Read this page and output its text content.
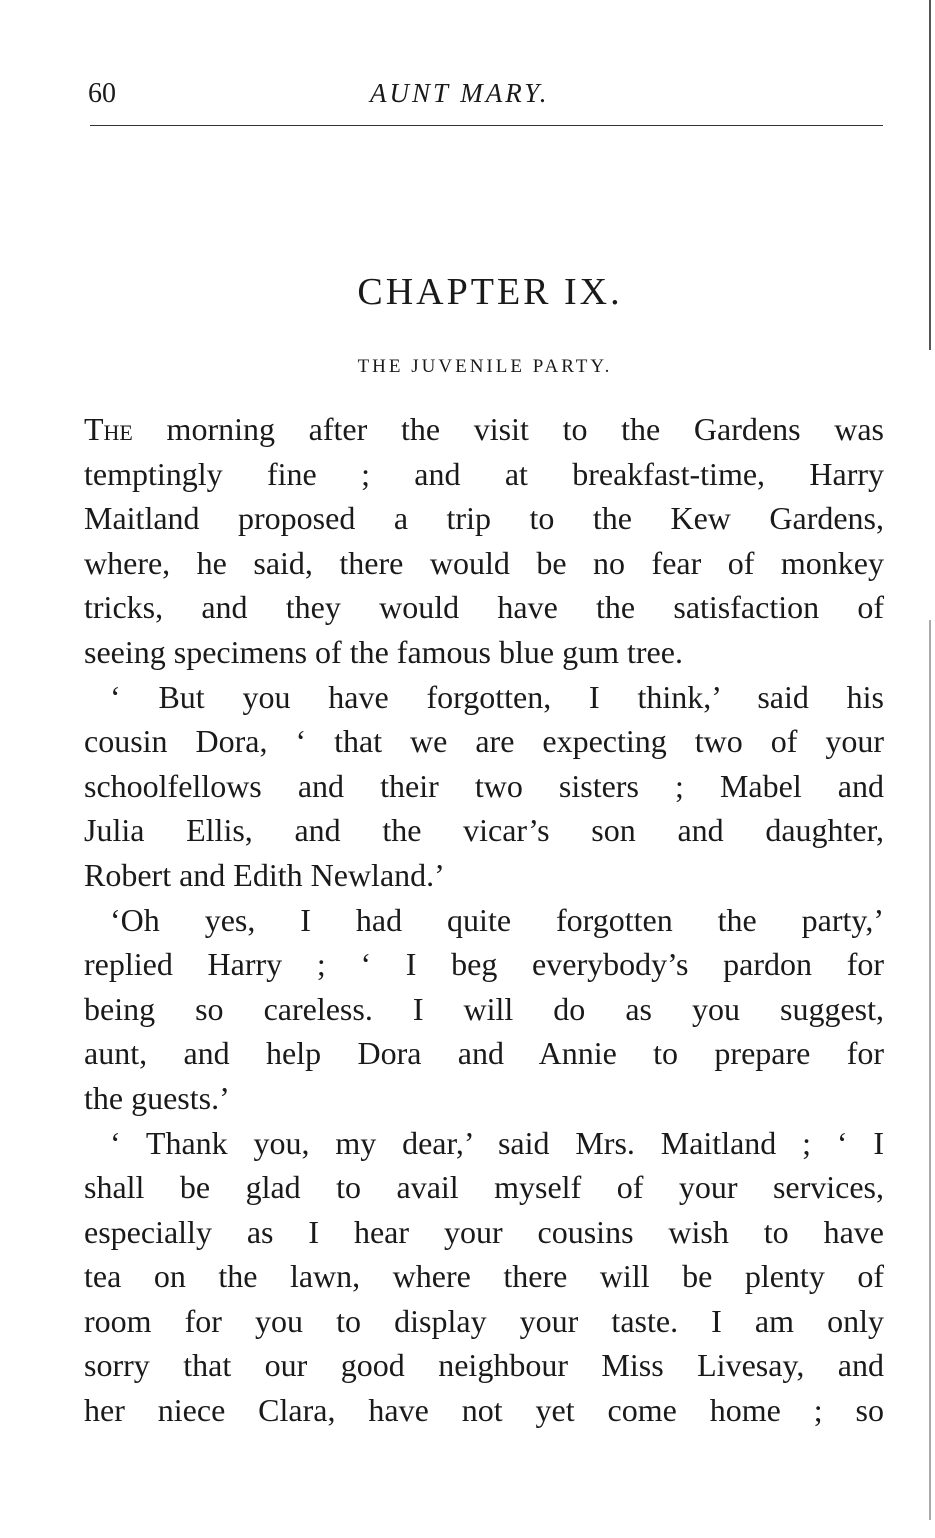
60	AUNT MARY.
CHAPTER IX.
THE JUVENILE PARTY.
The morning after the visit to the Gardens was
temptingly fine ; and at breakfast-time, Harry
Maitland proposed a trip to the Kew Gardens,
where, he said, there would be no fear of monkey
tricks, and they would have the satisfaction of
seeing specimens of the famous blue gum tree.
‘ But you have forgotten, I think,’ said his
cousin Dora, ‘ that we are expecting two of your
schoolfellows and their two sisters ; Mabel and
Julia Ellis, and the vicar’s son and daughter,
Robert and Edith Newland.’
‘Oh yes, I had quite forgotten the party,’
replied Harry ; ‘ I beg everybody’s pardon for
being so careless. I will do as you suggest,
aunt, and help Dora and Annie to prepare for
the guests.’
‘ Thank you, my dear,’ said Mrs. Maitland ; ‘ I
shall be glad to avail myself of your services,
especially as I hear your cousins wish to have
tea on the lawn, where there will be plenty of
room for you to display your taste. I am only
sorry that our good neighbour Miss Livesay, and
her niece Clara, have not yet come home ; so
